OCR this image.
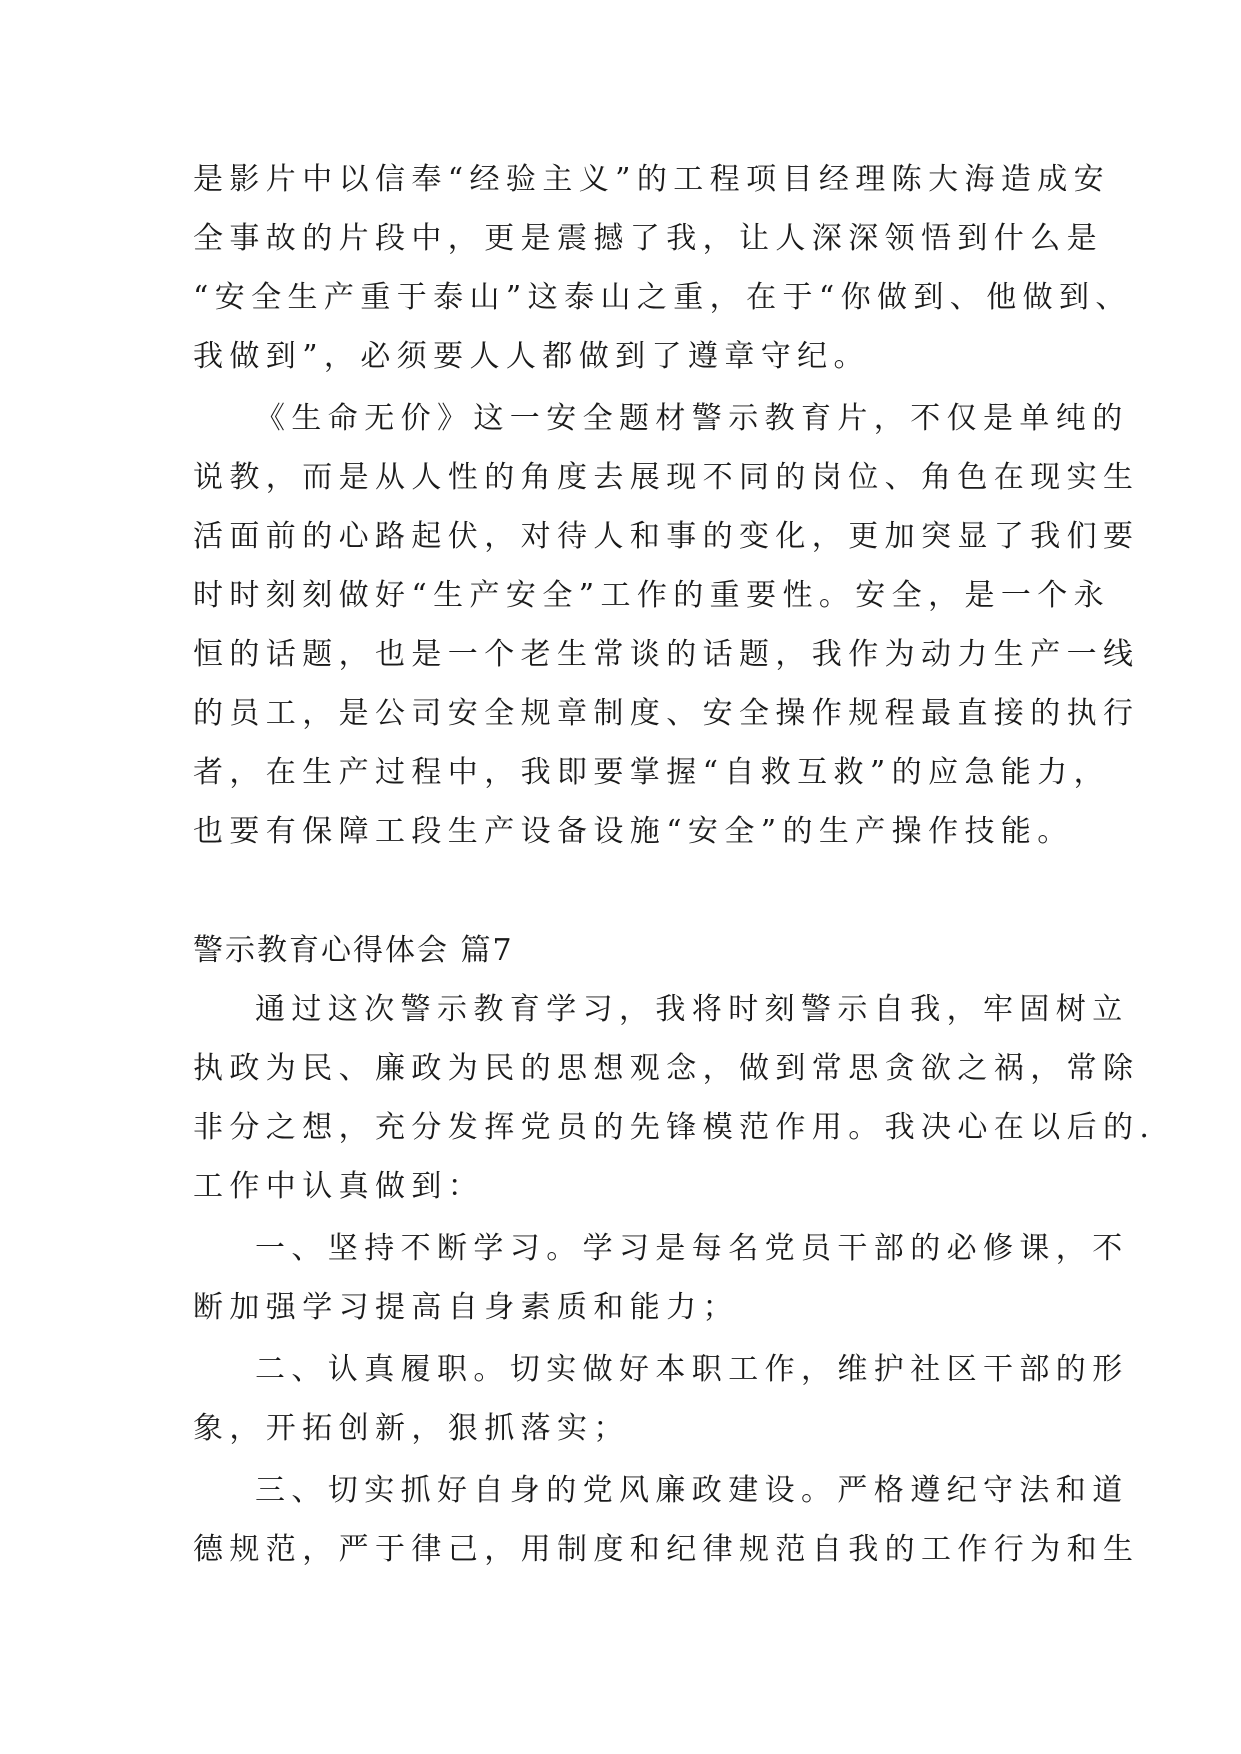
是影片中以信奉“经验主义”的工程项目经理陈大海造成安
全事故的片段中，更是震撼了我，让人深深领悟到什么是
“安全生产重于泰山”这泰山之重，在于“你做到、他做到、
我做到”，必须要人人都做到了遵章守纪。
《生命无价》这一安全题材警示教育片，不仅是单纯的
说教，而是从人性的角度去展现不同的岗位、角色在现实生
活面前的心路起伏，对待人和事的变化，更加突显了我们要
时时刻刻做好“生产安全”工作的重要性。安全，是一个永
恒的话题，也是一个老生常谈的话题，我作为动力生产一线
的员工，是公司安全规章制度、安全操作规程最直接的执行
者，在生产过程中，我即要掌握“自救互救”的应急能力，
也要有保障工段生产设备设施“安全”的生产操作技能。
警示教育心得体会 篇7
通过这次警示教育学习，我将时刻警示自我，牢固树立
执政为民、廉政为民的思想观念，做到常思贪欲之祸，常除
非分之想，充分发挥党员的先锋模范作用。我决心在以后的.
工作中认真做到：
一、坚持不断学习。学习是每名党员干部的必修课，不
断加强学习提高自身素质和能力；
二、认真履职。切实做好本职工作，维护社区干部的形
象，开拓创新，狠抓落实；
三、切实抓好自身的党风廉政建设。严格遵纪守法和道
德规范，严于律己，用制度和纪律规范自我的工作行为和生
